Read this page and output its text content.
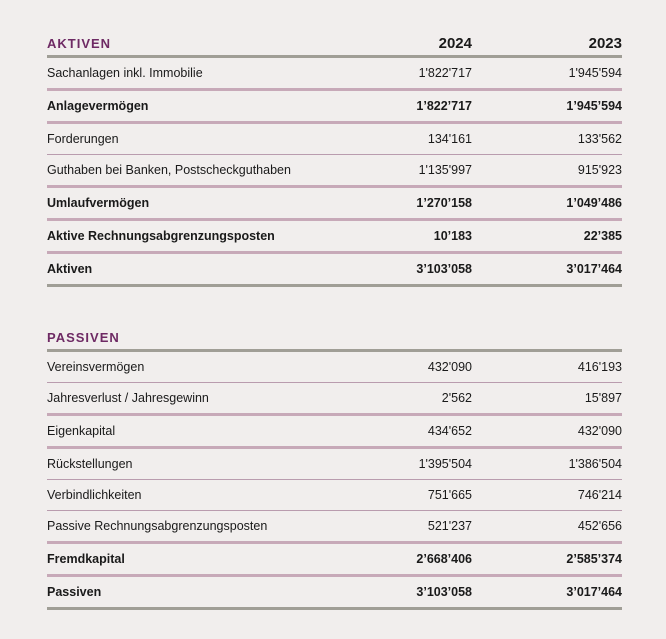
AKTIVEN	2024	2023
Sachanlagen inkl. Immobilie	1'822'717	1'945'594
Anlagevermögen	1’822’717	1’945’594
Forderungen	134'161	133'562
Guthaben bei Banken, Postscheckguthaben	1'135'997	915'923
Umlaufvermögen	1’270’158	1’049’486
Aktive Rechnungsabgrenzungsposten	10’183	22’385
Aktiven	3’103’058	3’017’464
PASSIVEN
Vereinsvermögen	432'090	416'193
Jahresverlust / Jahresgewinn	2'562	15'897
Eigenkapital	434'652	432'090
Rückstellungen	1'395'504	1'386'504
Verbindlichkeiten	751'665	746'214
Passive Rechnungsabgrenzungsposten	521'237	452'656
Fremdkapital	2’668’406	2’585’374
Passiven	3’103’058	3’017’464
